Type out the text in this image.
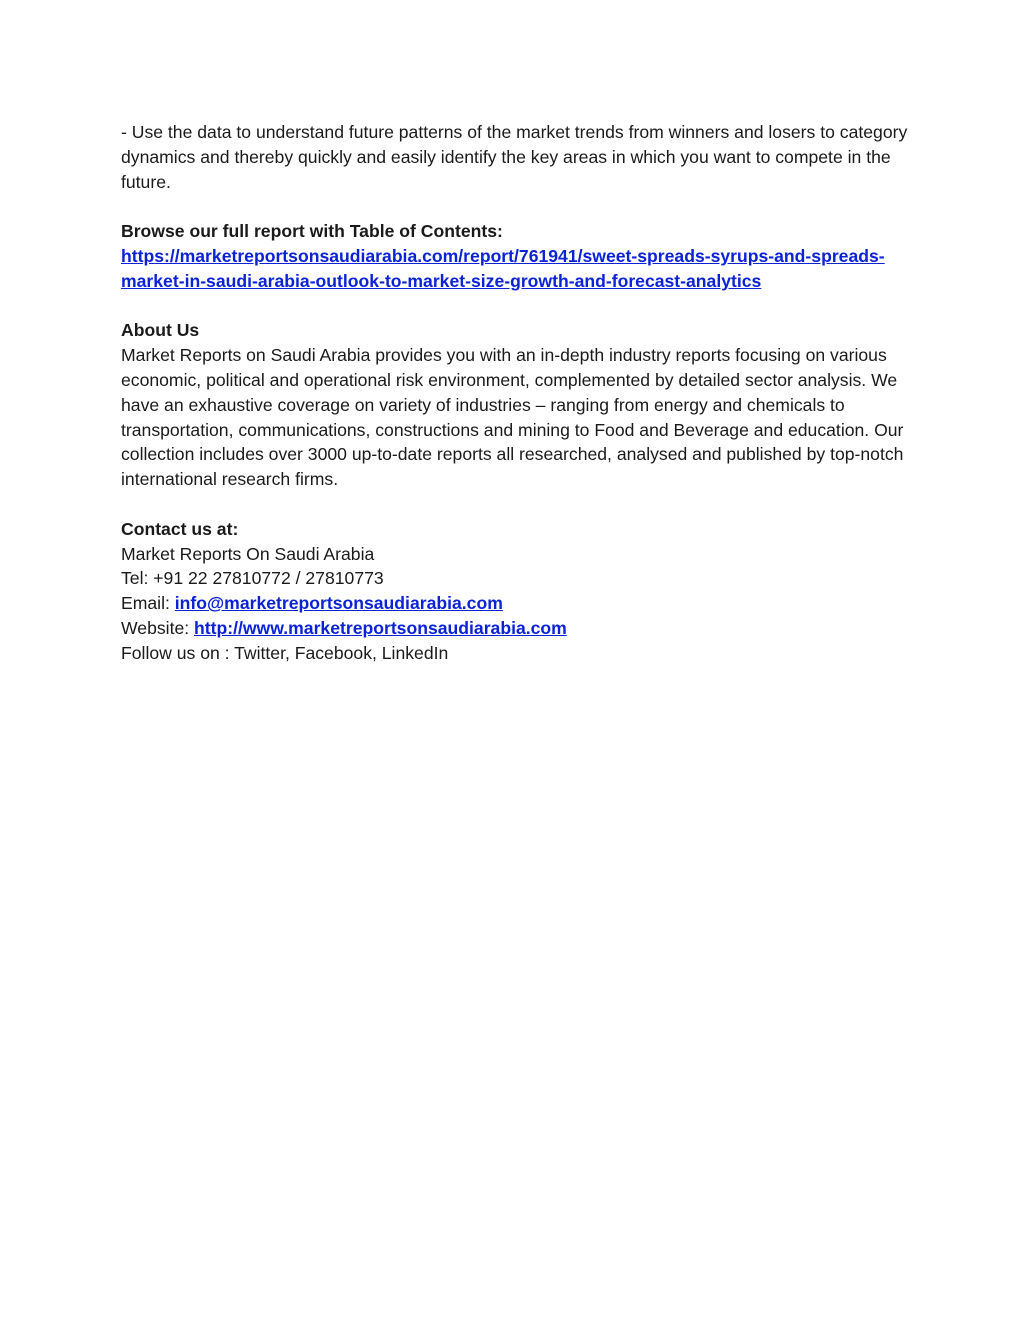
- Use the data to understand future patterns of the market trends from winners and losers to category dynamics and thereby quickly and easily identify the key areas in which you want to compete in the future.

Browse our full report with Table of Contents:

https://marketreportsonsaudiarabia.com/report/761941/sweet-spreads-syrups-and-spreads-
market-in-saudi-arabia-outlook-to-market-size-growth-and-forecast-analytics

About Us

Market Reports on Saudi Arabia provides you with an in-depth industry reports focusing on various economic, political and operational risk environment, complemented by detailed sector analysis. We have an exhaustive coverage on variety of industries – ranging from energy and chemicals to transportation, communications, constructions and mining to Food and Beverage and education. Our collection includes over 3000 up-to-date reports all researched, analysed and published by top-notch international research firms.

Contact us at:

Market Reports On Saudi Arabia

Tel: +91 22 27810772 / 27810773

Email: info@marketreportsonsaudiarabia.com

Website: http://www.marketreportsonsaudiarabia.com

Follow us on : Twitter, Facebook, LinkedIn
